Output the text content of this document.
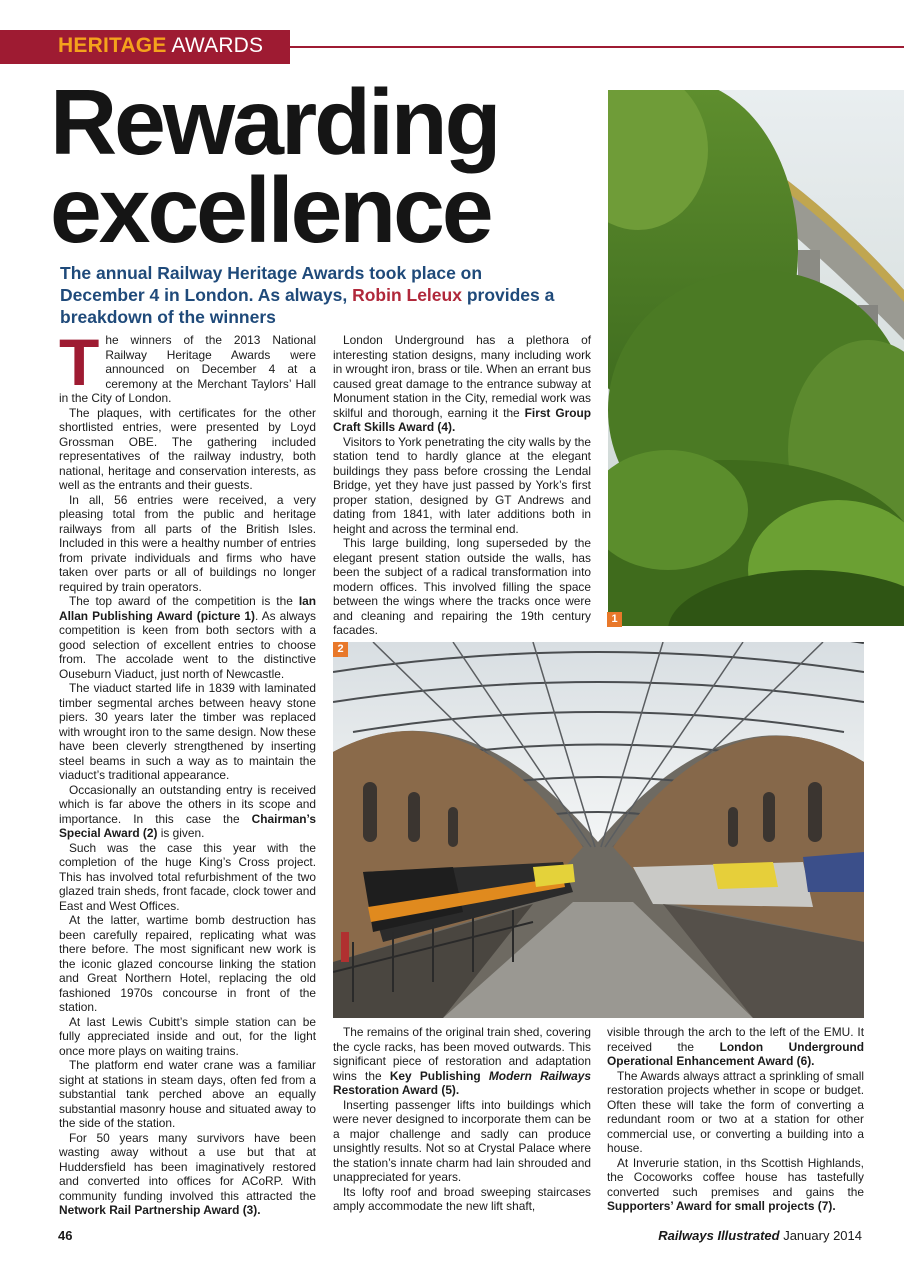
HERITAGE AWARDS
Rewarding
excellence
The annual Railway Heritage Awards took place on December 4 in London. As always, Robin Leleux provides a breakdown of the winners

The winners of the 2013 National Railway Heritage Awards were announced on December 4 at a ceremony at the Merchant Taylors’ Hall in the City of London.

The plaques, with certificates for the other shortlisted entries, were presented by Loyd Grossman OBE. The gathering included representatives of the railway industry, both national, heritage and conservation interests, as well as the entrants and their guests.

In all, 56 entries were received, a very pleasing total from the public and heritage railways from all parts of the British Isles. Included in this were a healthy number of entries from private individuals and firms who have taken over parts or all of buildings no longer required by train operators.

The top award of the competition is the Ian Allan Publishing Award (picture 1). As always competition is keen from both sectors with a good selection of excellent entries to choose from. The accolade went to the distinctive Ouseburn Viaduct, just north of Newcastle.

The viaduct started life in 1839 with laminated timber segmental arches between heavy stone piers. 30 years later the timber was replaced with wrought iron to the same design. Now these have been cleverly strengthened by inserting steel beams in such a way as to maintain the viaduct’s traditional appearance.

Occasionally an outstanding entry is received which is far above the others in its scope and importance. In this case the Chairman’s Special Award (2) is given.

Such was the case this year with the completion of the huge King’s Cross project. This has involved total refurbishment of the two glazed train sheds, front facade, clock tower and East and West Offices.

At the latter, wartime bomb destruction has been carefully repaired, replicating what was there before. The most significant new work is the iconic glazed concourse linking the station and Great Northern Hotel, replacing the old fashioned 1970s concourse in front of the station.

At last Lewis Cubitt’s simple station can be fully appreciated inside and out, for the light once more plays on waiting trains.

The platform end water crane was a familiar sight at stations in steam days, often fed from a substantial tank perched above an equally substantial masonry house and situated away to the side of the station.

For 50 years many survivors have been wasting away without a use but that at Huddersfield has been imaginatively restored and converted into offices for ACoRP. With community funding involved this attracted the Network Rail Partnership Award (3).

London Underground has a plethora of interesting station designs, many including work in wrought iron, brass or tile. When an errant bus caused great damage to the entrance subway at Monument station in the City, remedial work was skilful and thorough, earning it the First Group Craft Skills Award (4).

Visitors to York penetrating the city walls by the station tend to hardly glance at the elegant buildings they pass before crossing the Lendal Bridge, yet they have just passed by York’s first proper station, designed by GT Andrews and dating from 1841, with later additions both in height and across the terminal end.

This large building, long superseded by the elegant present station outside the walls, has been the subject of a radical transformation into modern offices. This involved filling the space between the wings where the tracks once were and cleaning and repairing the 19th century facades.

The remains of the original train shed, covering the cycle racks, has been moved outwards. This significant piece of restoration and adaptation wins the Key Publishing Modern Railways Restoration Award (5).

Inserting passenger lifts into buildings which were never designed to incorporate them can be a major challenge and sadly can produce unsightly results. Not so at Crystal Palace where the station’s innate charm had lain shrouded and unappreciated for years.

Its lofty roof and broad sweeping staircases amply accommodate the new lift shaft,

visible through the arch to the left of the EMU. It received the London Underground Operational Enhancement Award (6).

The Awards always attract a sprinkling of small restoration projects whether in scope or budget. Often these will take the form of converting a redundant room or two at a station for other commercial use, or converting a building into a house.

At Inverurie station, in ths Scottish Highlands, the Cocoworks coffee house has tastefully converted such premises and gains the Supporters’ Award for small projects (7).

1
2
46	Railways Illustrated January 2014
